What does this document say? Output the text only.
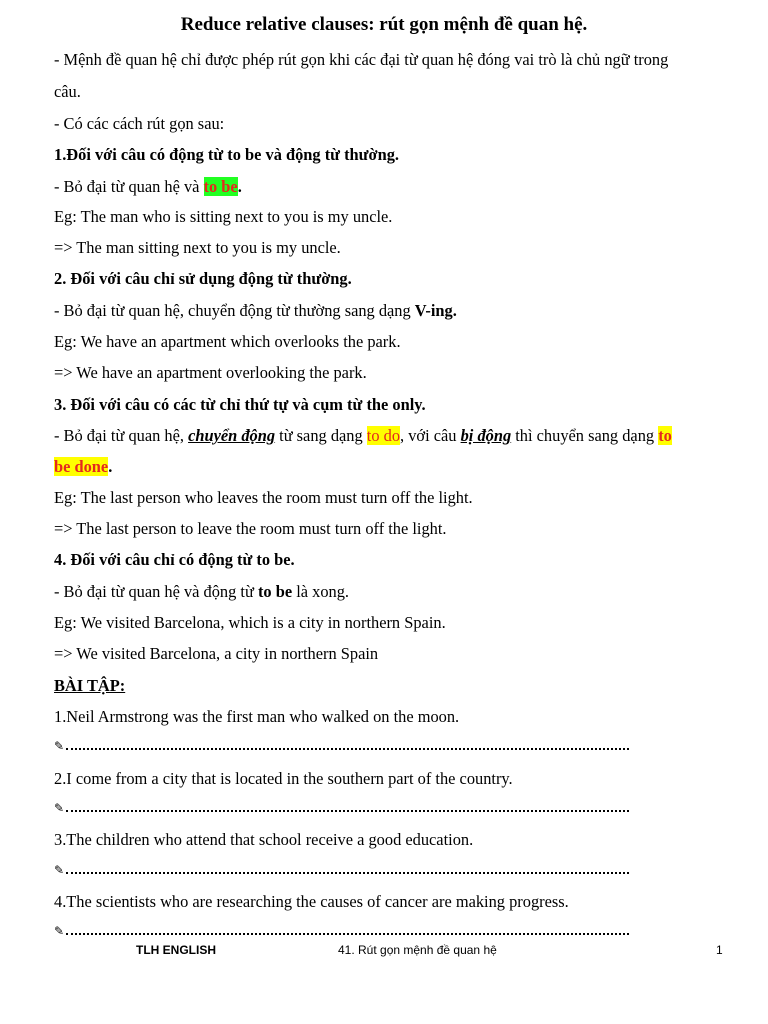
Reduce relative clauses: rút gọn mệnh đề quan hệ.
- Mệnh đề quan hệ chỉ được phép rút gọn khi các đại từ quan hệ đóng vai trò là chủ ngữ trong
câu.
- Có các cách rút gọn sau:
1.Đối với câu có động từ to be và động từ thường.
- Bỏ đại từ quan hệ và to be.
Eg: The man who is sitting next to you is my uncle.
=> The man sitting next to you is my uncle.
2. Đối với câu chỉ sử dụng động từ thường.
- Bỏ đại từ quan hệ, chuyển động từ thường sang dạng V-ing.
Eg: We have an apartment which overlooks the park.
=> We have an apartment overlooking the park.
3. Đối với câu có các từ chỉ thứ tự và cụm từ the only.
- Bỏ đại từ quan hệ, chuyển động từ sang dạng to do, với câu bị động thì chuyển sang dạng to
be done.
Eg: The last person who leaves the room must turn off the light.
=> The last person to leave the room must turn off the light.
4. Đối với câu chỉ có động từ to be.
- Bỏ đại từ quan hệ và động từ to be là xong.
Eg: We visited Barcelona, which is a city in northern Spain.
=> We visited Barcelona, a city in northern Spain
BÀI TẬP:
1.Neil Armstrong was the first man who walked on the moon.
✎
2.I come from a city that is located in the southern part of the country.
✎
3.The children who attend that school receive a good education.
✎
4.The scientists who are researching the causes of cancer are making progress.
✎
TLH ENGLISH	41. Rút gọn mệnh đề quan hệ	1
